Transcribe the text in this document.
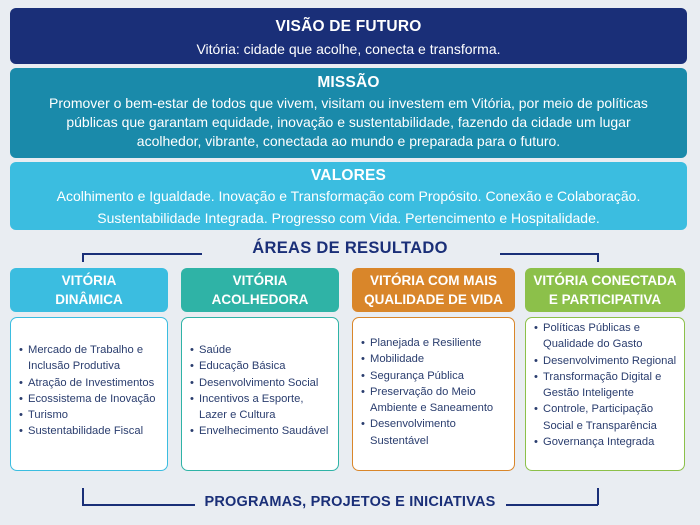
VISÃO DE FUTURO
Vitória: cidade que acolhe, conecta e transforma.
MISSÃO
Promover o bem-estar de todos que vivem, visitam ou investem em Vitória, por meio de políticas públicas que garantam equidade, inovação e sustentabilidade, fazendo da cidade um lugar acolhedor, vibrante, conectada ao mundo e preparada para o futuro.
VALORES
Acolhimento e Igualdade. Inovação e Transformação com Propósito. Conexão e Colaboração.
Sustentabilidade Integrada. Progresso com Vida. Pertencimento e Hospitalidade.
ÁREAS DE RESULTADO
VITÓRIA
DINÂMICA
• Mercado de Trabalho e Inclusão Produtiva
• Atração de Investimentos
• Ecossistema de Inovação
• Turismo
• Sustentabilidade Fiscal
VITÓRIA
ACOLHEDORA
• Saúde
• Educação Básica
• Desenvolvimento Social
• Incentivos a Esporte, Lazer e Cultura
• Envelhecimento Saudável
VITÓRIA COM MAIS
QUALIDADE DE VIDA
• Planejada e Resiliente
• Mobilidade
• Segurança Pública
• Preservação do Meio Ambiente e Saneamento
• Desenvolvimento Sustentável
VITÓRIA CONECTADA
E PARTICIPATIVA
• Políticas Públicas e Qualidade do Gasto
• Desenvolvimento Regional
• Transformação Digital e Gestão Inteligente
• Controle, Participação Social e Transparência
• Governança Integrada
PROGRAMAS, PROJETOS E INICIATIVAS
